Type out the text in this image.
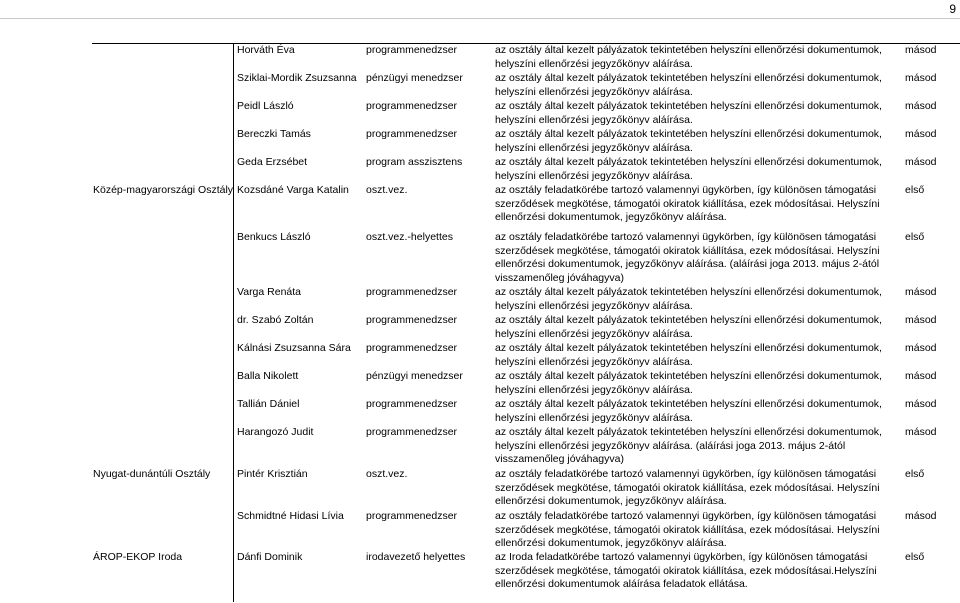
9
	Horváth Éva	programmenedzser	az osztály által kezelt pályázatok tekintetében helyszíni ellenőrzési dokumentumok, helyszíni ellenőrzési jegyzőkönyv aláírása.	másod
	Sziklai-Mordik Zsuzsanna	pénzügyi menedzser	az osztály által kezelt pályázatok tekintetében helyszíni ellenőrzési dokumentumok, helyszíni ellenőrzési jegyzőkönyv aláírása.	másod
	Peidl László	programmenedzser	az osztály által kezelt pályázatok tekintetében helyszíni ellenőrzési dokumentumok, helyszíni ellenőrzési jegyzőkönyv aláírása.	másod
	Bereczki Tamás	programmenedzser	az osztály által kezelt pályázatok tekintetében helyszíni ellenőrzési dokumentumok, helyszíni ellenőrzési jegyzőkönyv aláírása.	másod
	Geda Erzsébet	program asszisztens	az osztály által kezelt pályázatok tekintetében helyszíni ellenőrzési dokumentumok, helyszíni ellenőrzési jegyzőkönyv aláírása.	másod
Közép-magyarországi Osztály	Kozsdáné Varga Katalin	oszt.vez.	az osztály feladatkörébe tartozó valamennyi ügykörben, így különösen támogatási szerződések megkötése, támogatói okiratok kiállítása, ezek módosításai. Helyszíni ellenőrzési dokumentumok, jegyzőkönyv aláírása.	első
	Benkucs László	oszt.vez.-helyettes	az osztály feladatkörébe tartozó valamennyi ügykörben, így különösen támogatási szerződések megkötése, támogatói okiratok kiállítása, ezek módosításai. Helyszíni ellenőrzési dokumentumok, jegyzőkönyv aláírása. (aláírási joga 2013. május 2-ától visszamenőleg jóváhagyva)	első
	Varga Renáta	programmenedzser	az osztály által kezelt pályázatok tekintetében helyszíni ellenőrzési dokumentumok, helyszíni ellenőrzési jegyzőkönyv aláírása.	másod
	dr. Szabó Zoltán	programmenedzser	az osztály által kezelt pályázatok tekintetében helyszíni ellenőrzési dokumentumok, helyszíni ellenőrzési jegyzőkönyv aláírása.	másod
	Kálnási Zsuzsanna Sára	programmenedzser	az osztály által kezelt pályázatok tekintetében helyszíni ellenőrzési dokumentumok, helyszíni ellenőrzési jegyzőkönyv aláírása.	másod
	Balla Nikolett	pénzügyi menedzser	az osztály által kezelt pályázatok tekintetében helyszíni ellenőrzési dokumentumok, helyszíni ellenőrzési jegyzőkönyv aláírása.	másod
	Tallián Dániel	programmenedzser	az osztály által kezelt pályázatok tekintetében helyszíni ellenőrzési dokumentumok, helyszíni ellenőrzési jegyzőkönyv aláírása.	másod
	Harangozó Judit	programmenedzser	az osztály által kezelt pályázatok tekintetében helyszíni ellenőrzési dokumentumok, helyszíni ellenőrzési jegyzőkönyv aláírása. (aláírási joga 2013. május 2-ától visszamenőleg jóváhagyva)	másod
Nyugat-dunántúli Osztály	Pintér Krisztián	oszt.vez.	az osztály feladatkörébe tartozó valamennyi ügykörben, így különösen támogatási szerződések megkötése, támogatói okiratok kiállítása, ezek módosításai. Helyszíni ellenőrzési dokumentumok, jegyzőkönyv aláírása.	első
	Schmidtné Hidasi Lívia	programmenedzser	az osztály feladatkörébe tartozó valamennyi ügykörben, így különösen támogatási szerződések megkötése, támogatói okiratok kiállítása, ezek módosításai. Helyszíni ellenőrzési dokumentumok, jegyzőkönyv aláírása.	másod
ÁROP-EKOP Iroda	Dánfi Dominik	irodavezető helyettes	az Iroda feladatkörébe tartozó valamennyi ügykörben, így különösen támogatási szerződések megkötése, támogatói okiratok kiállítása, ezek módosításai.Helyszíni ellenőrzési dokumentumok aláírása feladatok ellátása.	első
